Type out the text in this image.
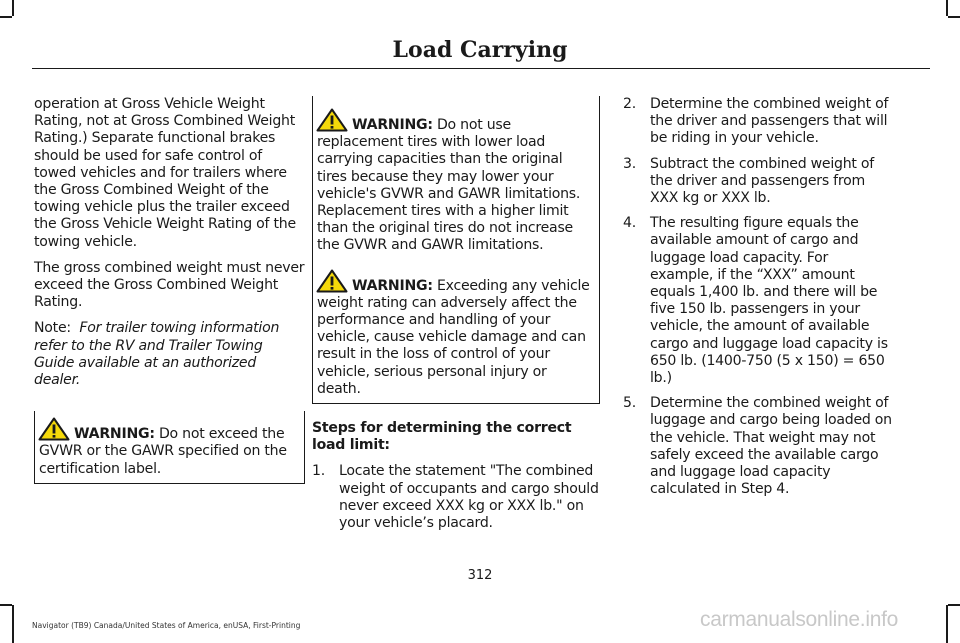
Load Carrying

operation at Gross Vehicle Weight Rating, not at Gross Combined Weight Rating.) Separate functional brakes should be used for safe control of towed vehicles and for trailers where the Gross Combined Weight of the towing vehicle plus the trailer exceed the Gross Vehicle Weight Rating of the towing vehicle.

The gross combined weight must never exceed the Gross Combined Weight Rating.

Note: For trailer towing information refer to the RV and Trailer Towing Guide available at an authorized dealer.

WARNING: Do not exceed the GVWR or the GAWR specified on the certification label.

WARNING: Do not use replacement tires with lower load carrying capacities than the original tires because they may lower your vehicle's GVWR and GAWR limitations. Replacement tires with a higher limit than the original tires do not increase the GVWR and GAWR limitations.

WARNING: Exceeding any vehicle weight rating can adversely affect the performance and handling of your vehicle, cause vehicle damage and can result in the loss of control of your vehicle, serious personal injury or death.

Steps for determining the correct load limit:

1. Locate the statement "The combined weight of occupants and cargo should never exceed XXX kg or XXX lb." on your vehicle’s placard.
2. Determine the combined weight of the driver and passengers that will be riding in your vehicle.
3. Subtract the combined weight of the driver and passengers from XXX kg or XXX lb.
4. The resulting figure equals the available amount of cargo and luggage load capacity. For example, if the “XXX” amount equals 1,400 lb. and there will be five 150 lb. passengers in your vehicle, the amount of available cargo and luggage load capacity is 650 lb. (1400-750 (5 x 150) = 650 lb.)
5. Determine the combined weight of luggage and cargo being loaded on the vehicle. That weight may not safely exceed the available cargo and luggage load capacity calculated in Step 4.
312
Navigator (TB9) Canada/United States of America, enUSA, First-Printing	carmanualsonline.info
